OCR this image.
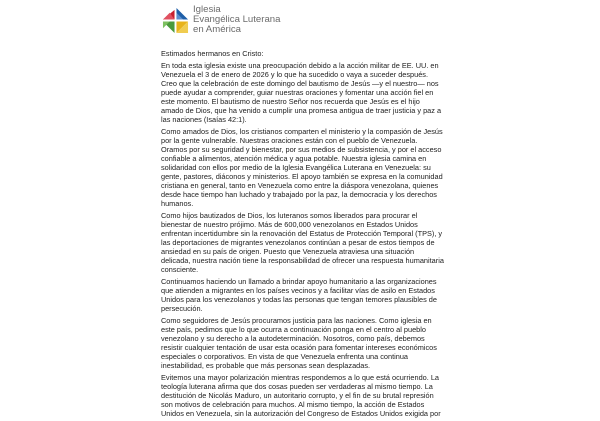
Iglesia
Evangélica Luterana
en América

Estimados hermanos en Cristo:

En toda esta iglesia existe una preocupación debido a la acción militar de EE. UU. en Venezuela el 3 de enero de 2026 y lo que ha sucedido o vaya a suceder después. Creo que la celebración de este domingo del bautismo de Jesús —y el nuestro— nos puede ayudar a comprender, guiar nuestras oraciones y fomentar una acción fiel en este momento. El bautismo de nuestro Señor nos recuerda que Jesús es el hijo amado de Dios, que ha venido a cumplir una promesa antigua de traer justicia y paz a las naciones (Isaías 42:1).

Como amados de Dios, los cristianos comparten el ministerio y la compasión de Jesús por la gente vulnerable. Nuestras oraciones están con el pueblo de Venezuela. Oramos por su seguridad y bienestar, por sus medios de subsistencia, y por el acceso confiable a alimentos, atención médica y agua potable. Nuestra iglesia camina en solidaridad con ellos por medio de la Iglesia Evangélica Luterana en Venezuela: su gente, pastores, diáconos y ministerios. El apoyo también se expresa en la comunidad cristiana en general, tanto en Venezuela como entre la diáspora venezolana, quienes desde hace tiempo han luchado y trabajado por la paz, la democracia y los derechos humanos.

Como hijos bautizados de Dios, los luteranos somos liberados para procurar el bienestar de nuestro prójimo. Más de 600,000 venezolanos en Estados Unidos enfrentan incertidumbre sin la renovación del Estatus de Protección Temporal (TPS), y las deportaciones de migrantes venezolanos continúan a pesar de estos tiempos de ansiedad en su país de origen. Puesto que Venezuela atraviesa una situación delicada, nuestra nación tiene la responsabilidad de ofrecer una respuesta humanitaria consciente.

Continuamos haciendo un llamado a brindar apoyo humanitario a las organizaciones que atienden a migrantes en los países vecinos y a facilitar vías de asilo en Estados Unidos para los venezolanos y todas las personas que tengan temores plausibles de persecución.

Como seguidores de Jesús procuramos justicia para las naciones. Como iglesia en este país, pedimos que lo que ocurra a continuación ponga en el centro al pueblo venezolano y su derecho a la autodeterminación. Nosotros, como país, debemos resistir cualquier tentación de usar esta ocasión para fomentar intereses económicos especiales o corporativos. En vista de que Venezuela enfrenta una continua inestabilidad, es probable que más personas sean desplazadas.

Evitemos una mayor polarización mientras respondemos a lo que está ocurriendo. La teología luterana afirma que dos cosas pueden ser verdaderas al mismo tiempo. La destitución de Nicolás Maduro, un autoritario corrupto, y el fin de su brutal represión son motivos de celebración para muchos. Al mismo tiempo, la acción de Estados Unidos en Venezuela, sin la autorización del Congreso de Estados Unidos exigida por
